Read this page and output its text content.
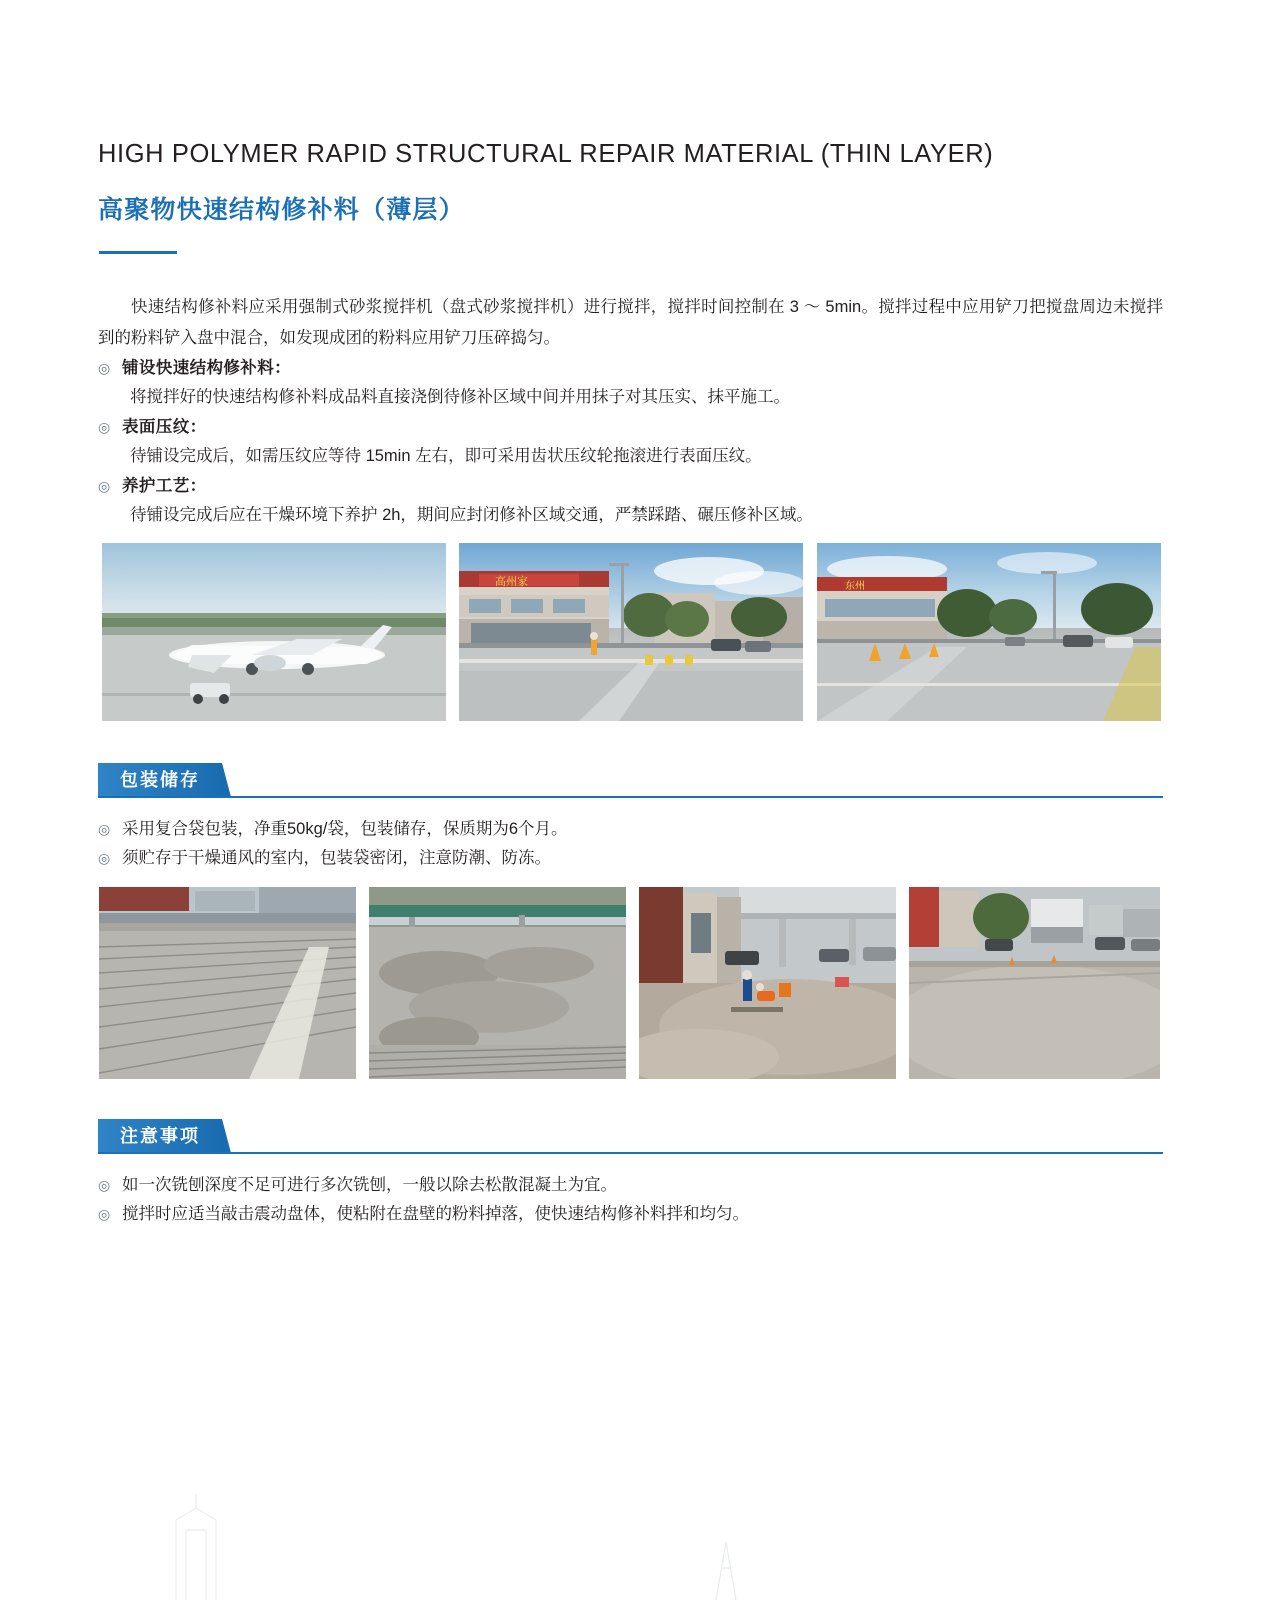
HIGH POLYMER RAPID STRUCTURAL REPAIR MATERIAL (THIN LAYER)
高聚物快速结构修补料（薄层）
快速结构修补料应采用强制式砂浆搅拌机（盘式砂浆搅拌机）进行搅拌，搅拌时间控制在 3 ～ 5min。搅拌过程中应用铲刀把搅盘周边未搅拌到的粉料铲入盘中混合，如发现成团的粉料应用铲刀压碎捣匀。
◎ 铺设快速结构修补料：
将搅拌好的快速结构修补料成品料直接浇倒待修补区域中间并用抹子对其压实、抹平施工。
◎ 表面压纹：
待铺设完成后，如需压纹应等待 15min 左右，即可采用齿状压纹轮拖滚进行表面压纹。
◎ 养护工艺：
待铺设完成后应在干燥环境下养护 2h，期间应封闭修补区域交通，严禁踩踏、碾压修补区域。
高州家	东州
包装储存
◎ 采用复合袋包装，净重50kg/袋，包装储存，保质期为6个月。
◎ 须贮存于干燥通风的室内，包装袋密闭，注意防潮、防冻。
注意事项
◎ 如一次铣刨深度不足可进行多次铣刨，一般以除去松散混凝土为宜。
◎ 搅拌时应适当敲击震动盘体，使粘附在盘壁的粉料掉落，使快速结构修补料拌和均匀。
